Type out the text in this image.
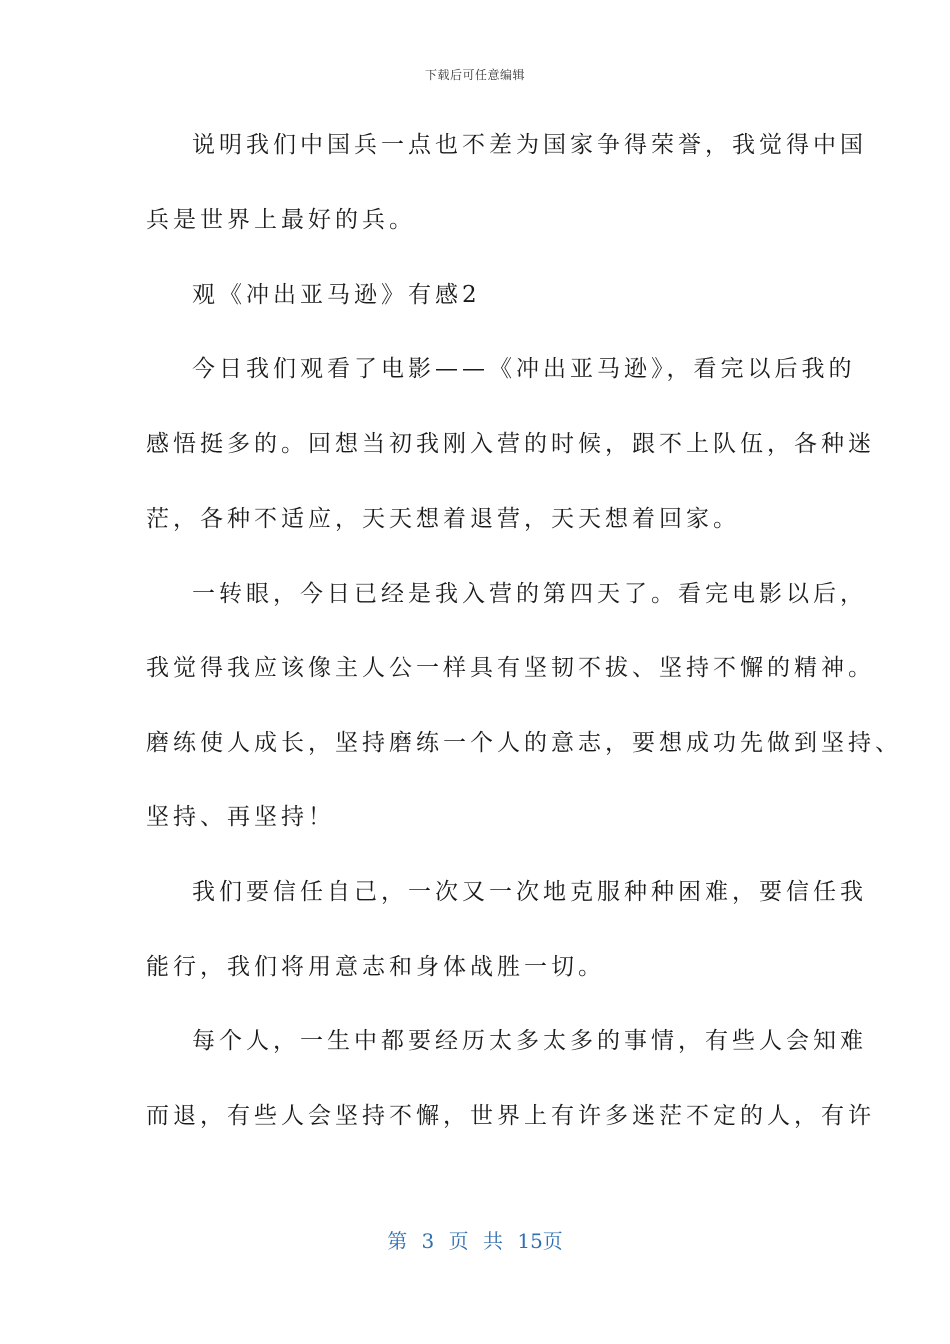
下载后可任意编辑
说明我们中国兵一点也不差为国家争得荣誉，我觉得中国
兵是世界上最好的兵。
观《冲出亚马逊》有感2
今日我们观看了电影——《冲出亚马逊》，看完以后我的
感悟挺多的。回想当初我刚入营的时候，跟不上队伍，各种迷
茫，各种不适应，天天想着退营，天天想着回家。
一转眼，今日已经是我入营的第四天了。看完电影以后，
我觉得我应该像主人公一样具有坚韧不拔、坚持不懈的精神。
磨练使人成长，坚持磨练一个人的意志，要想成功先做到坚持、
坚持、再坚持！
我们要信任自己，一次又一次地克服种种困难，要信任我
能行，我们将用意志和身体战胜一切。
每个人，一生中都要经历太多太多的事情，有些人会知难
而退，有些人会坚持不懈，世界上有许多迷茫不定的人，有许
第 3 页 共 15页
